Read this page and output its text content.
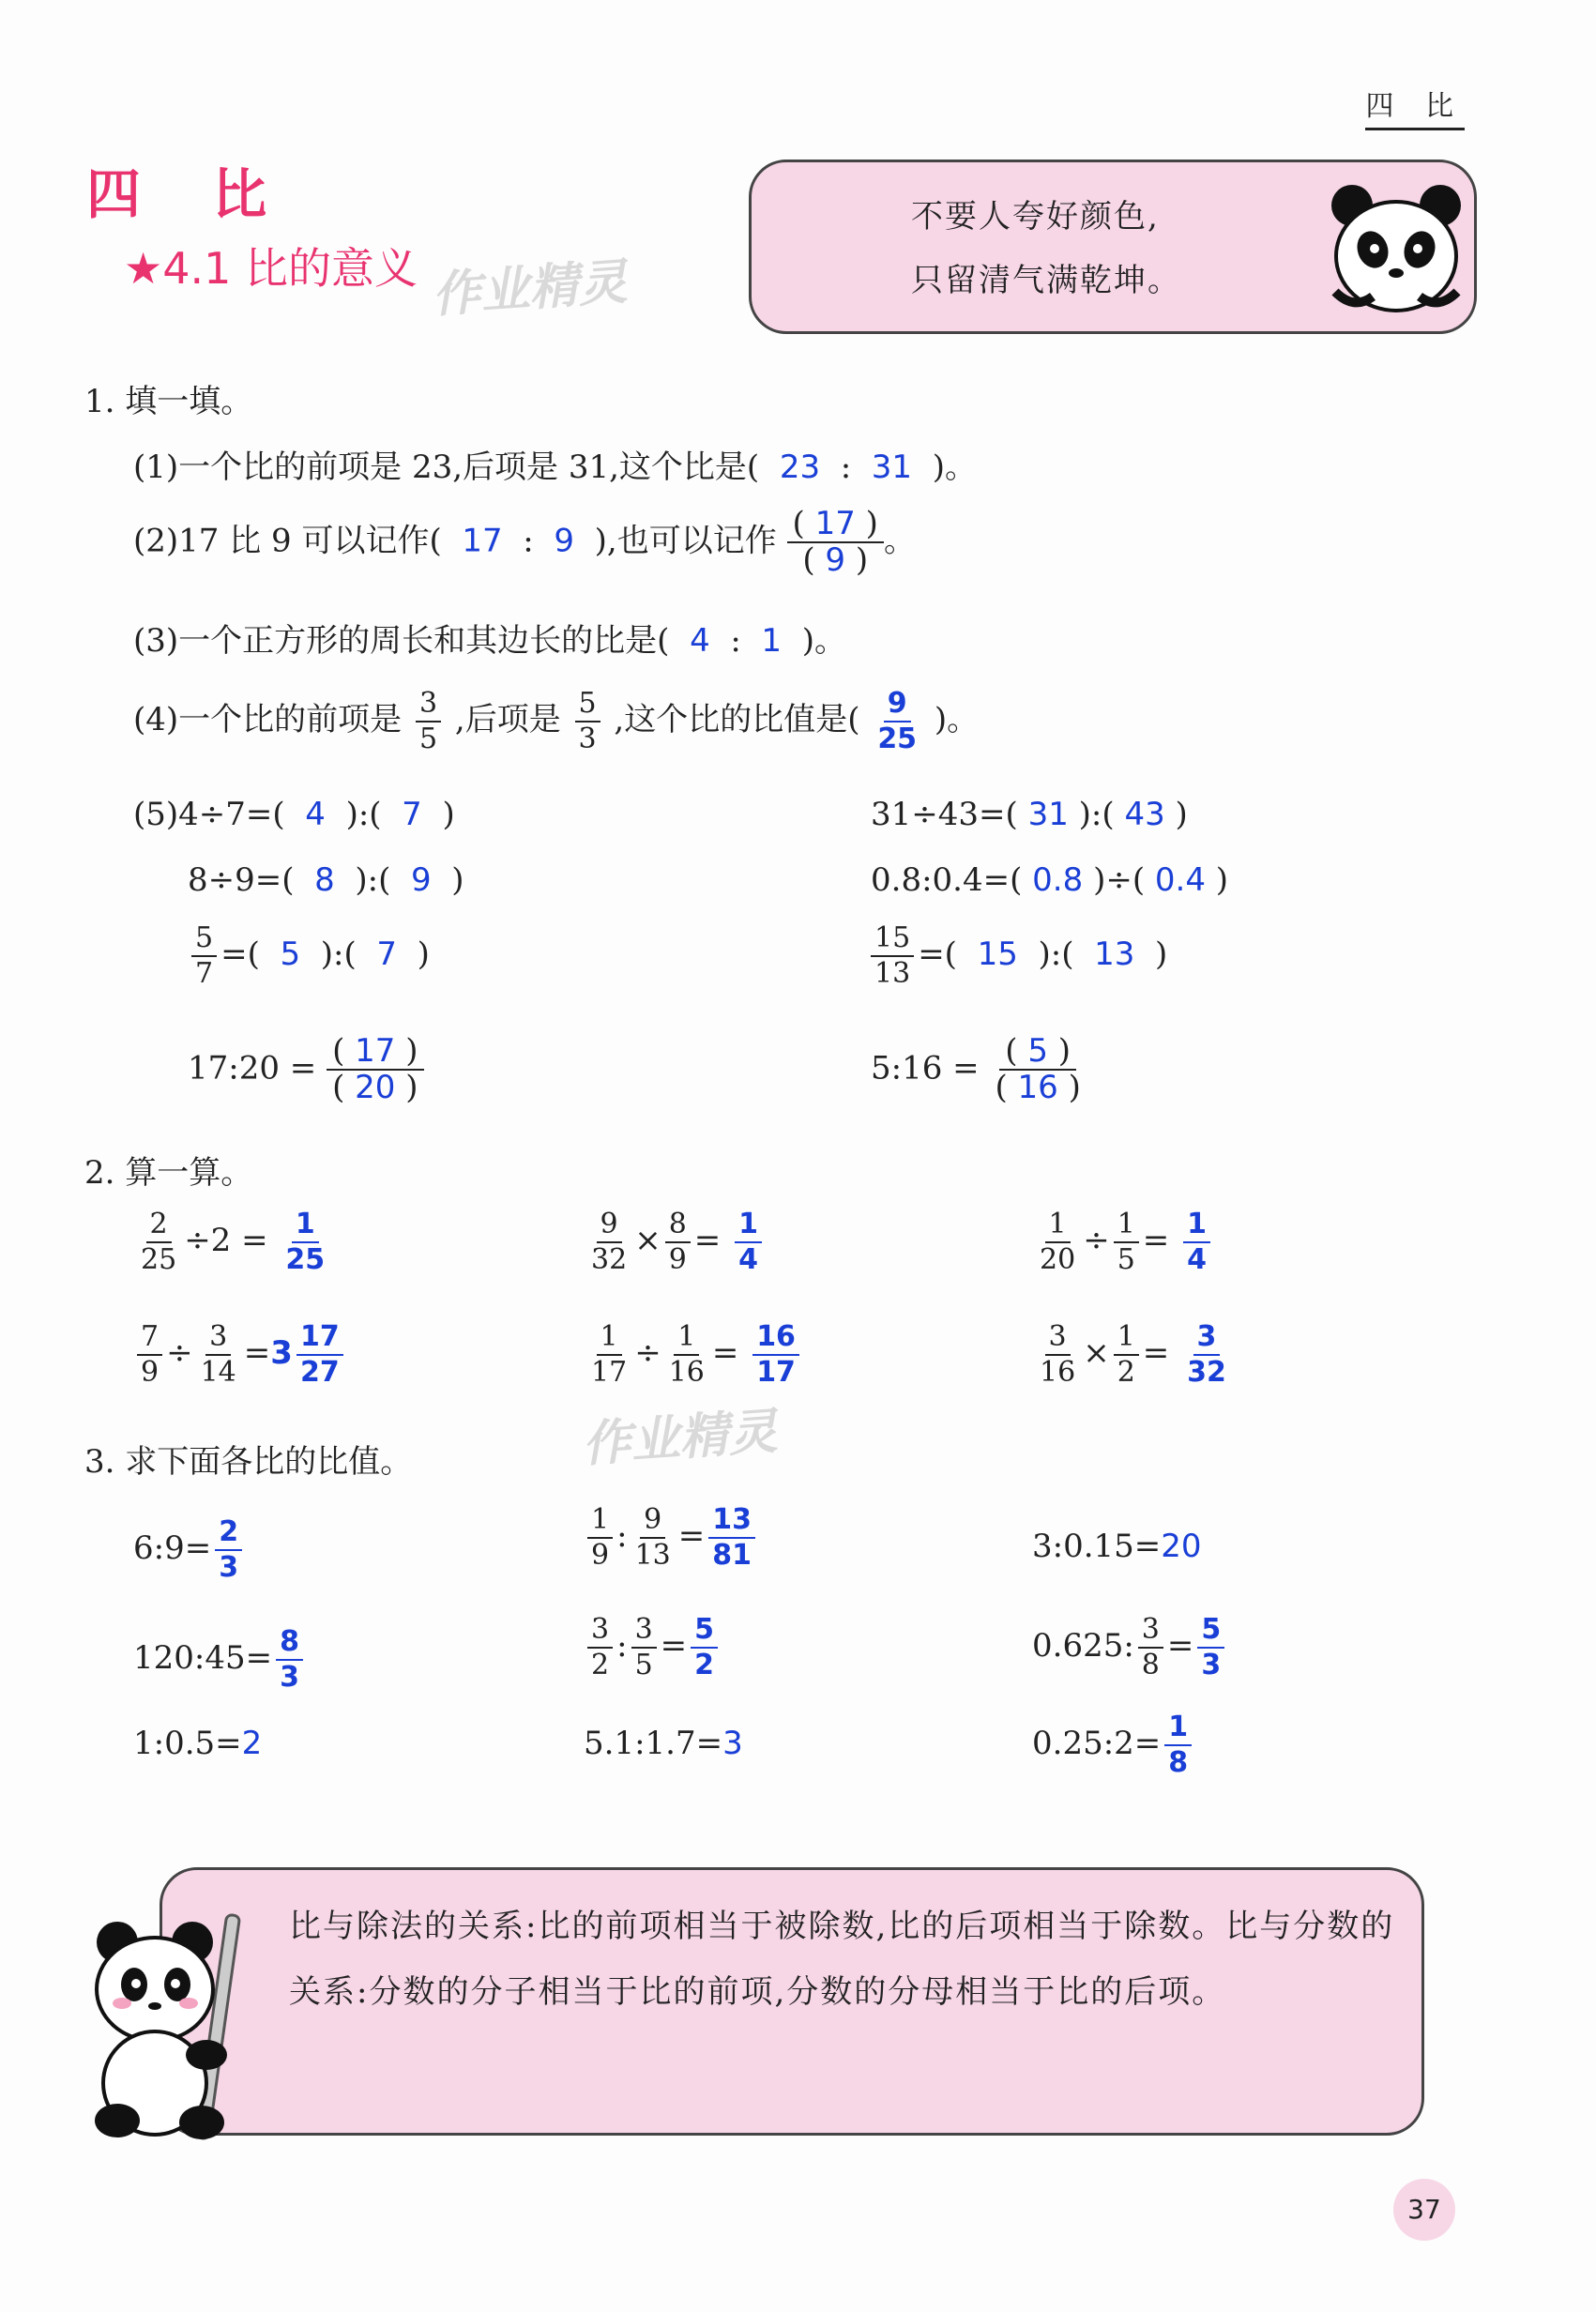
四 比
四 比
★4.1 比的意义 作业精灵
不要人夸好颜色,
只留清气满乾坤。
1. 填一填。
(1)一个比的前项是 23,后项是 31,这个比是( 23 : 31 )。
(2)17 比 9 可以记作( 17 : 9 ),也可以记作 $\frac{( 17 )}{( 9 )}$ 。
(3)一个正方形的周长和其边长的比是( 4 : 1 )。
(4)一个比的前项是 $\frac{3}{5}$ ,后项是 $\frac{5}{3}$ ,这个比的比值是( $\frac{9}{25}$ )。
(5)4÷7=( 4 ):( 7 )	31÷43=( 31 ):( 43 )
8÷9=( 8 ):( 9 )	0.8:0.4=( 0.8 )÷( 0.4 )
$\frac{5}{7}$ =( 5 ):( 7 )	$\frac{15}{13}$ =( 15 ):( 13 )
17:20 = $\frac{( 17 )}{( 20 )}$	5:16 = $\frac{( 5 )}{( 16 )}$
2. 算一算。
$\frac{2}{25} \div 2 = \frac{1}{25}$	$\frac{9}{32} \times \frac{8}{9} = \frac{1}{4}$	$\frac{1}{20} \div \frac{1}{5} = \frac{1}{4}$
$\frac{7}{9} \div \frac{3}{14} =3 \frac{17}{27}$	$\frac{1}{17} \div \frac{1}{16} = \frac{16}{17}$	$\frac{3}{16} \times \frac{1}{2} = \frac{3}{32}$
作业精灵
3. 求下面各比的比值。
6:9= $\frac{2}{3}$	$\frac{1}{9}$ : $\frac{9}{13} = \frac{13}{81}$	3:0.15=20
120:45= $\frac{8}{3}$	$\frac{3}{2}$ : $\frac{3}{5} = \frac{5}{2}$	0.625: $\frac{3}{8} = \frac{5}{3}$
1:0.5=2	5.1:1.7=3	0.25:2= $\frac{1}{8}$
比与除法的关系:比的前项相当于被除数,比的后项相当于除数。比与分数的关系:分数的分子相当于比的前项,分数的分母相当于比的后项。
37
